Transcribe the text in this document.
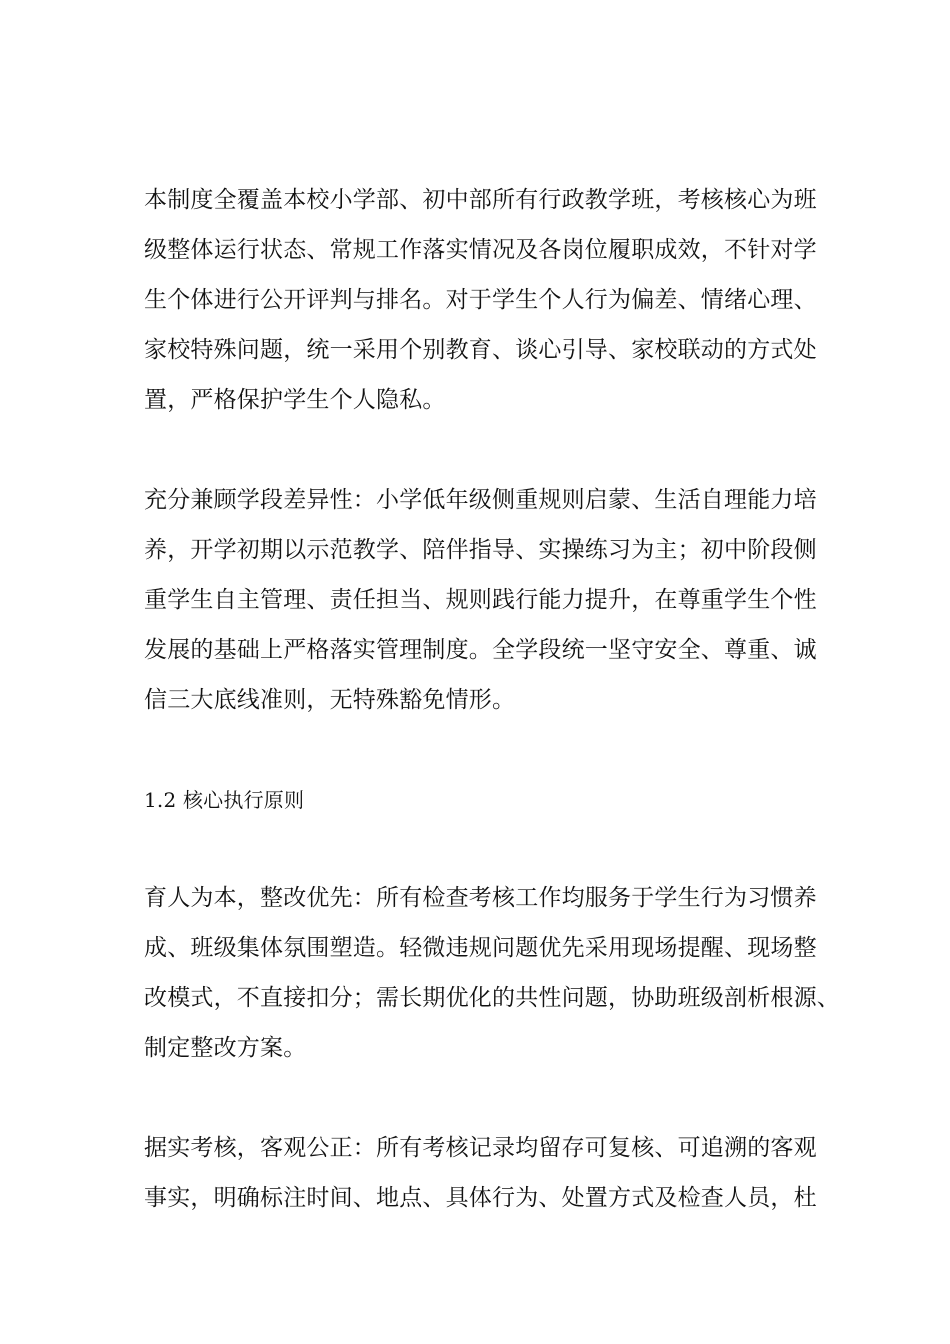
本制度全覆盖本校小学部、初中部所有行政教学班，考核核心为班
级整体运行状态、常规工作落实情况及各岗位履职成效，不针对学
生个体进行公开评判与排名。对于学生个人行为偏差、情绪心理、
家校特殊问题，统一采用个别教育、谈心引导、家校联动的方式处
置，严格保护学生个人隐私。
充分兼顾学段差异性：小学低年级侧重规则启蒙、生活自理能力培
养，开学初期以示范教学、陪伴指导、实操练习为主；初中阶段侧
重学生自主管理、责任担当、规则践行能力提升，在尊重学生个性
发展的基础上严格落实管理制度。全学段统一坚守安全、尊重、诚
信三大底线准则，无特殊豁免情形。
1.2 核心执行原则
育人为本，整改优先：所有检查考核工作均服务于学生行为习惯养
成、班级集体氛围塑造。轻微违规问题优先采用现场提醒、现场整
改模式，不直接扣分；需长期优化的共性问题，协助班级剖析根源、
制定整改方案。
据实考核，客观公正：所有考核记录均留存可复核、可追溯的客观
事实，明确标注时间、地点、具体行为、处置方式及检查人员，杜
